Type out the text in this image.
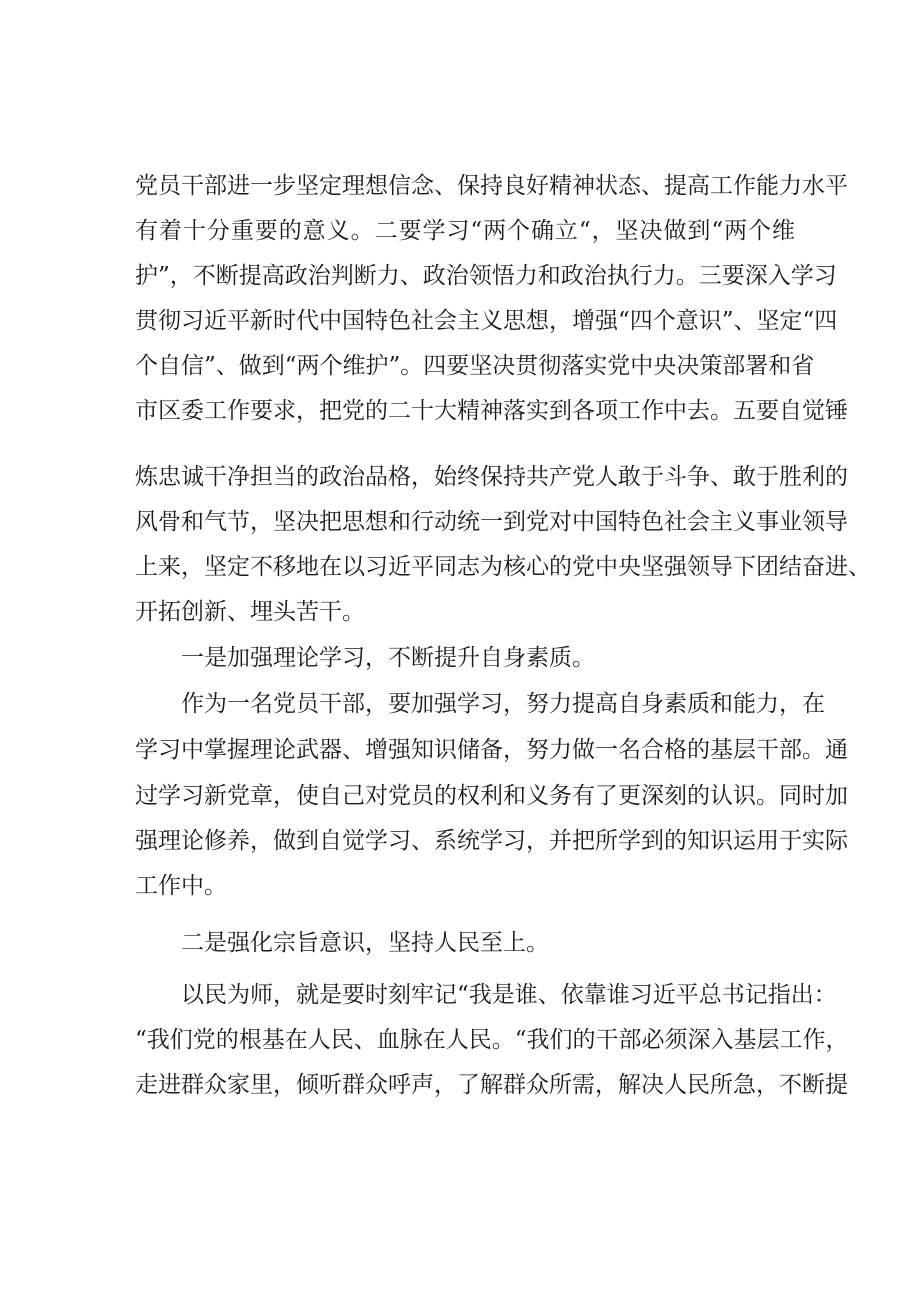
党员干部进一步坚定理想信念、保持良好精神状态、提高工作能力水平
有着十分重要的意义。二要学习“两个确立“，坚决做到“两个维
护”，不断提高政治判断力、政治领悟力和政治执行力。三要深入学习
贯彻习近平新时代中国特色社会主义思想，增强“四个意识”、坚定“四
个自信”、做到“两个维护”。四要坚决贯彻落实党中央决策部署和省
市区委工作要求，把党的二十大精神落实到各项工作中去。五要自觉锤
炼忠诚干净担当的政治品格，始终保持共产党人敢于斗争、敢于胜利的
风骨和气节，坚决把思想和行动统一到党对中国特色社会主义事业领导
上来，坚定不移地在以习近平同志为核心的党中央坚强领导下团结奋进、
开拓创新、埋头苦干。
一是加强理论学习，不断提升自身素质。
作为一名党员干部，要加强学习，努力提高自身素质和能力，在
学习中掌握理论武器、增强知识储备，努力做一名合格的基层干部。通
过学习新党章，使自己对党员的权利和义务有了更深刻的认识。同时加
强理论修养，做到自觉学习、系统学习，并把所学到的知识运用于实际
工作中。
二是强化宗旨意识，坚持人民至上。
以民为师，就是要时刻牢记“我是谁、依靠谁习近平总书记指出：
“我们党的根基在人民、血脉在人民。“我们的干部必须深入基层工作，
走进群众家里，倾听群众呼声，了解群众所需，解决人民所急，不断提
